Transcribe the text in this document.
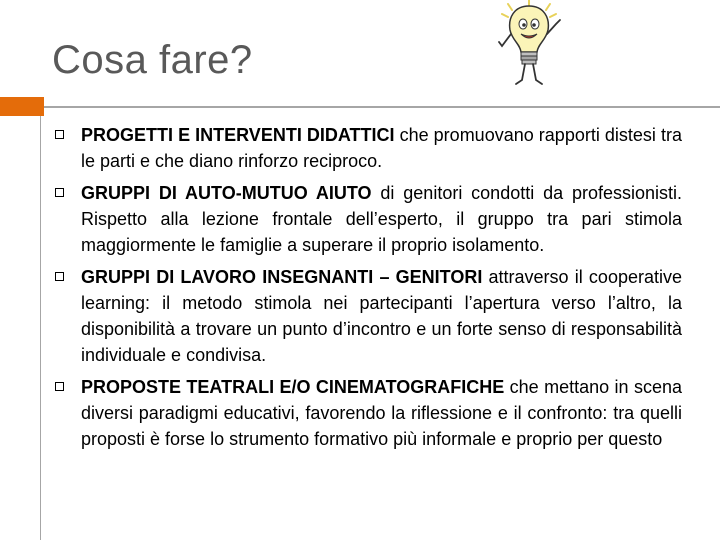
Cosa fare?
PROGETTI E INTERVENTI DIDATTICI che promuovano rapporti distesi tra le parti e che diano rinforzo reciproco.
GRUPPI DI AUTO-MUTUO AIUTO di genitori condotti da professionisti. Rispetto alla lezione frontale dell’esperto, il gruppo tra pari stimola maggiormente le famiglie a superare il proprio isolamento.
GRUPPI DI LAVORO INSEGNANTI – GENITORI attraverso il cooperative learning: il metodo stimola nei partecipanti l’apertura verso l’altro, la disponibilità a trovare un punto d’incontro e un forte senso di responsabilità individuale e condivisa.
PROPOSTE TEATRALI E/O CINEMATOGRAFICHE che mettano in scena diversi paradigmi educativi, favorendo la riflessione e il confronto: tra quelli proposti è forse lo strumento formativo più informale e proprio per questo
